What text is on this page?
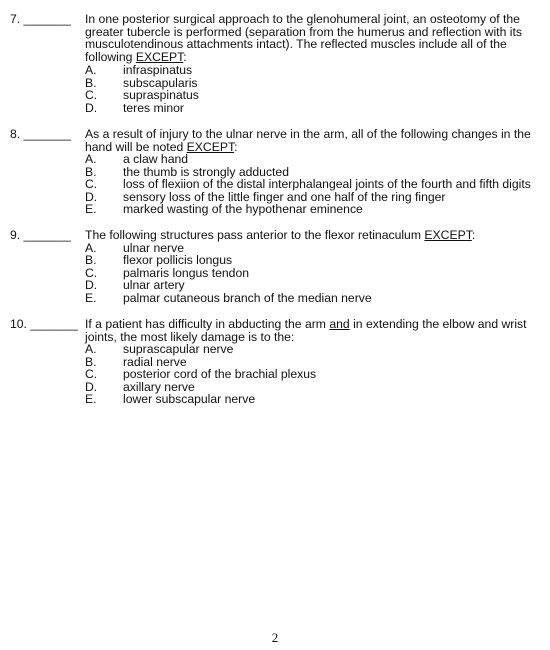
7. _______	In one posterior surgical approach to the glenohumeral joint, an osteotomy of the greater tubercle is performed (separation from the humerus and reflection with its musculotendinous attachments intact). The reflected muscles include all of the following EXCEPT:
A.	infraspinatus
B.	subscapularis
C.	supraspinatus
D.	teres minor
8. _______	As a result of injury to the ulnar nerve in the arm, all of the following changes in the hand will be noted EXCEPT:
A.	a claw hand
B.	the thumb is strongly adducted
C.	loss of flexiion of the distal interphalangeal joints of the fourth and fifth digits
D.	sensory loss of the little finger and one half of the ring finger
E.	marked wasting of the hypothenar eminence
9. _______	The following structures pass anterior to the flexor retinaculum EXCEPT:
A.	ulnar nerve
B.	flexor pollicis longus
C.	palmaris longus tendon
D.	ulnar artery
E.	palmar cutaneous branch of the median nerve
10. _______ If a patient has difficulty in abducting the arm and in extending the elbow and wrist joints, the most likely damage is to the:
A.	suprascapular nerve
B.	radial nerve
C.	posterior cord of the brachial plexus
D.	axillary nerve
E.	lower subscapular nerve
2
